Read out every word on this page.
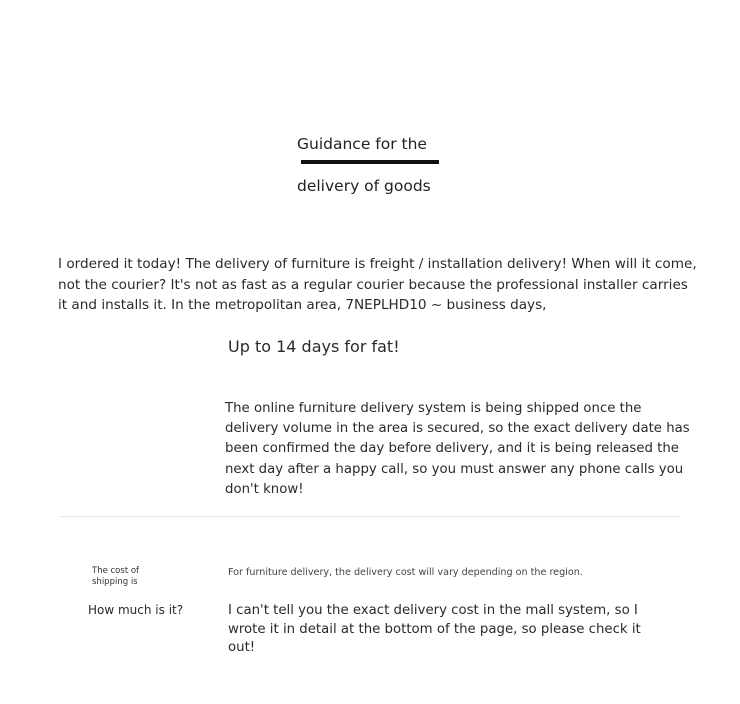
Guidance for the

delivery of goods

I ordered it today! The delivery of furniture is freight / installation delivery! When will it come, not the courier? It's not as fast as a regular courier because the professional installer carries it and installs it. In the metropolitan area, 7NEPLHD10 ~ business days,

Up to 14 days for fat!

The online furniture delivery system is being shipped once the delivery volume in the area is secured, so the exact delivery date has been confirmed the day before delivery, and it is being released the next day after a happy call, so you must answer any phone calls you don't know!

The cost of shipping is
How much is it?
For furniture delivery, the delivery cost will vary depending on the region.

I can't tell you the exact delivery cost in the mall system, so I wrote it in detail at the bottom of the page, so please check it out!
